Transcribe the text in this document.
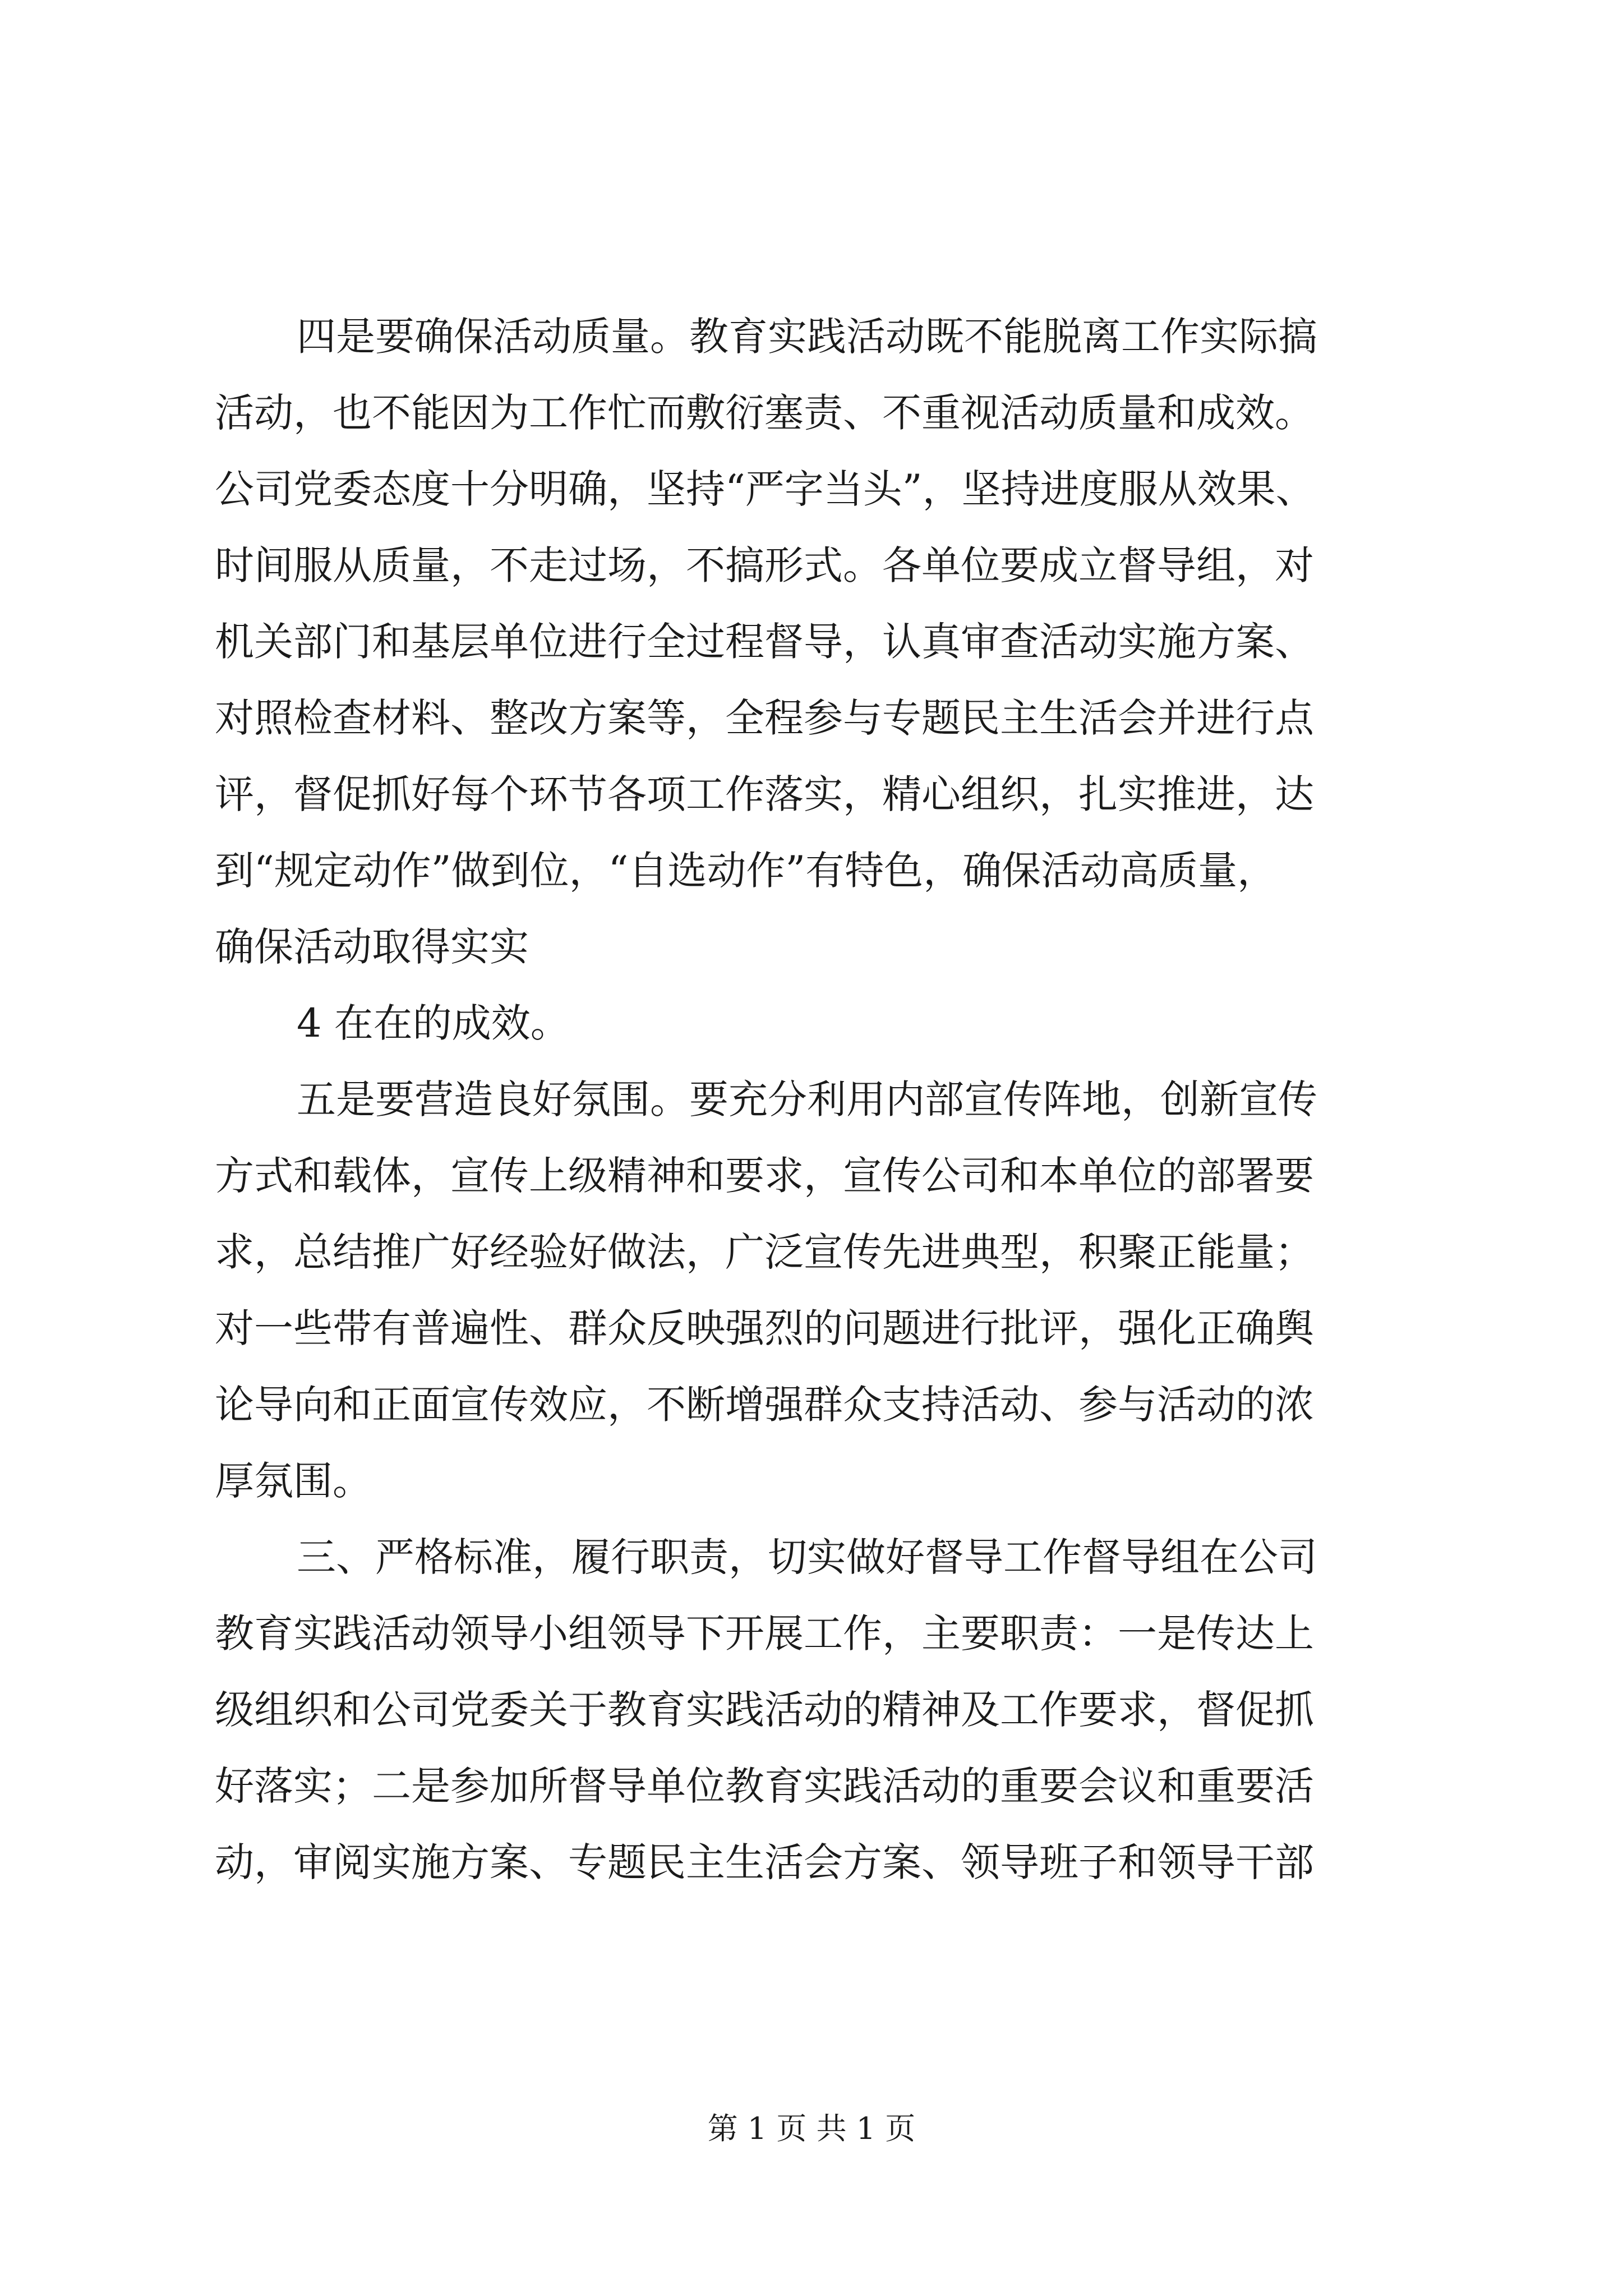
四是要确保活动质量。教育实践活动既不能脱离工作实际搞
活动，也不能因为工作忙而敷衍塞责、不重视活动质量和成效。
公司党委态度十分明确，坚持“严字当头”，坚持进度服从效果、
时间服从质量，不走过场，不搞形式。各单位要成立督导组，对
机关部门和基层单位进行全过程督导，认真审查活动实施方案、
对照检查材料、整改方案等，全程参与专题民主生活会并进行点
评，督促抓好每个环节各项工作落实，精心组织，扎实推进，达
到“规定动作”做到位，“自选动作”有特色，确保活动高质量，
确保活动取得实实
4 在在的成效。
五是要营造良好氛围。要充分利用内部宣传阵地，创新宣传
方式和载体，宣传上级精神和要求，宣传公司和本单位的部署要
求，总结推广好经验好做法，广泛宣传先进典型，积聚正能量；
对一些带有普遍性、群众反映强烈的问题进行批评，强化正确舆
论导向和正面宣传效应，不断增强群众支持活动、参与活动的浓
厚氛围。
三、严格标准，履行职责，切实做好督导工作督导组在公司
教育实践活动领导小组领导下开展工作，主要职责：一是传达上
级组织和公司党委关于教育实践活动的精神及工作要求，督促抓
好落实；二是参加所督导单位教育实践活动的重要会议和重要活
动，审阅实施方案、专题民主生活会方案、领导班子和领导干部
第 1 页 共 1 页
